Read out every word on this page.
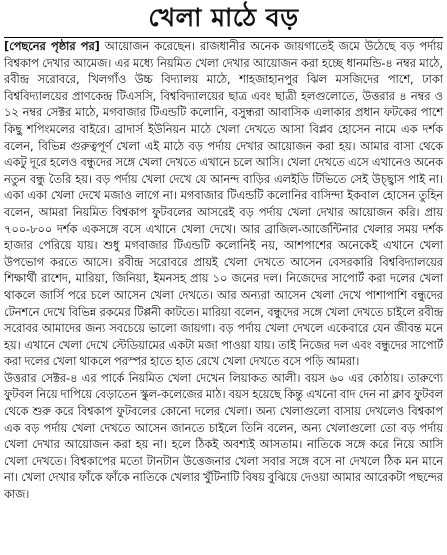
খেলা মাঠে বড়

[পেছনের পৃষ্ঠার পর] আয়োজন করেছেন। রাজধানীর অনেক জায়গাতেই জমে উঠেছে বড় পর্দায় বিশ্বকাপ দেখার আমেজ। এর মধ্যে নিয়মিত খেলা দেখার আয়োজন করা হচ্ছে ধানমন্ডি-৪ নম্বর মাঠে, রবীন্দ্র সরোবরে, খিলগাঁও উচ্চ বিদ্যালয় মাঠে, শাহজাহানপুর ঝিল মসজিদের পাশে, ঢাকা বিশ্ববিদ্যালয়ের প্রাণকেন্দ্র টিএসসি, বিশ্ববিদ্যালয়ের ছাত্র এবং ছাত্রী হলগুলোতে, উত্তরার ৪ নম্বর ও ১২ নম্বর সেক্টর মাঠে, মগবাজার টিএন্ডটি কলোনি, বসুন্ধরা আবাসিক এলাকার প্রধান ফটকের পাশে কিছু শপিংমলের বাইরে। ব্রাদার্স ইউনিয়ন মাঠে খেলা দেখতে আসা বিপ্লব হোসেন নামে এক দর্শক বলেন, বিভিন্ন গুরুত্বপূর্ণ খেলা এই মাঠে বড় পর্দায় দেখার আয়োজন করা হয়। আমার বাসা থেকে একটু দূরে হলেও বন্ধুদের সঙ্গে খেলা দেখতে এখানে চলে আসি। খেলা দেখতে এসে এখানেও অনেক নতুন বন্ধু তৈরি হয়। বড় পর্দায় খেলা দেখে যে আনন্দ বাড়ির এলইডি টিভিতে সেই উচ্ছ্বাস পাই না। একা একা খেলা দেখে মজাও লাগে না। মগবাজার টিএন্ডটি কলোনির বাসিন্দা ইকবাল হোসেন তুহিন বলেন, আমরা নিয়মিত বিশ্বকাপ ফুটবলের আসরেই বড় পর্দায় খেলা দেখার আয়োজন করি। প্রায় ৭০০-৮০০ দর্শক একসঙ্গে বসে এখানে খেলা দেখে। আর ব্রাজিল-আর্জেন্টিনার খেলার সময় দর্শক হাজার পেরিয়ে যায়। শুধু মগবাজার টিএন্ডটি কলোনিই নয়, আশপাশের অনেকেই এখানে খেলা উপভোগ করতে আসে। রবীন্দ্র সরোবরে প্রায়ই খেলা দেখতে আসেন বেসরকারি বিশ্ববিদ্যালয়ের শিক্ষার্থী রাশেদ, মারিয়া, জিনিয়া, ইমনসহ প্রায় ১০ জনের দল। নিজেদের সাপোর্ট করা দলের খেলা থাকলে জার্সি পরে চলে আসেন খেলা দেখতে। আর অন্যরা আসেন খেলা দেখে পাশাপাশি বন্ধুদের টেনশনে দেখে বিভিন্ন রকমের টিপ্পনী কাটতে। মারিয়া বলেন, বন্ধুদের সঙ্গে খেলা দেখতে চাইলে রবীন্দ্র সরোবর আমাদের জন্য সবচেয়ে ভালো জায়গা। বড় পর্দায় খেলা দেখলে একেবারে যেন জীবন্ত মনে হয়। এখানে খেলা দেখে স্টেডিয়ামের একটা মজা পাওয়া যায়। তাই নিজের দল এবং বন্ধুদের সাপোর্ট করা দলের খেলা থাকলে পরস্পর হাতে হাত রেখে খেলা দেখতে বসে পড়ি আমরা।

উত্তরার সেক্টর-৪ এর পার্কে নিয়মিত খেলা দেখেন লিয়াকত আলী। বয়স ৬০ এর কোঠায়। তারুণ্যে ফুটবল নিয়ে দাপিয়ে বেড়াতেন স্কুল-কলেজের মাঠ। বয়স হয়েছে কিন্তু এখনো বাদ দেন না ক্লাব ফুটবল থেকে শুরু করে বিশ্বকাপ ফুটবলের কোনো দলের খেলা। অন্য খেলাগুলো বাসায় দেখলেও বিশ্বকাপ এক বড় পর্দায় খেলা দেখতে আসেন জানতে চাইলে তিনি বলেন, অন্য খেলাগুলো তো বড় পর্দায় খেলা দেখার আয়োজন করা হয় না। হলে ঠিকই অবশ্যই আসতাম। নাতিকে সঙ্গে করে নিয়ে আসি খেলা দেখতে। বিশ্বকাপের মতো টানটান উত্তেজনার খেলা সবার সঙ্গে বসে না দেখলে ঠিক মন মানে না। খেলা দেখার ফাঁকে ফাঁকে নাতিকে খেলার খুঁটিনাটি বিষয় বুঝিয়ে দেওয়া আমার আরেকটা পছন্দের কাজ।
